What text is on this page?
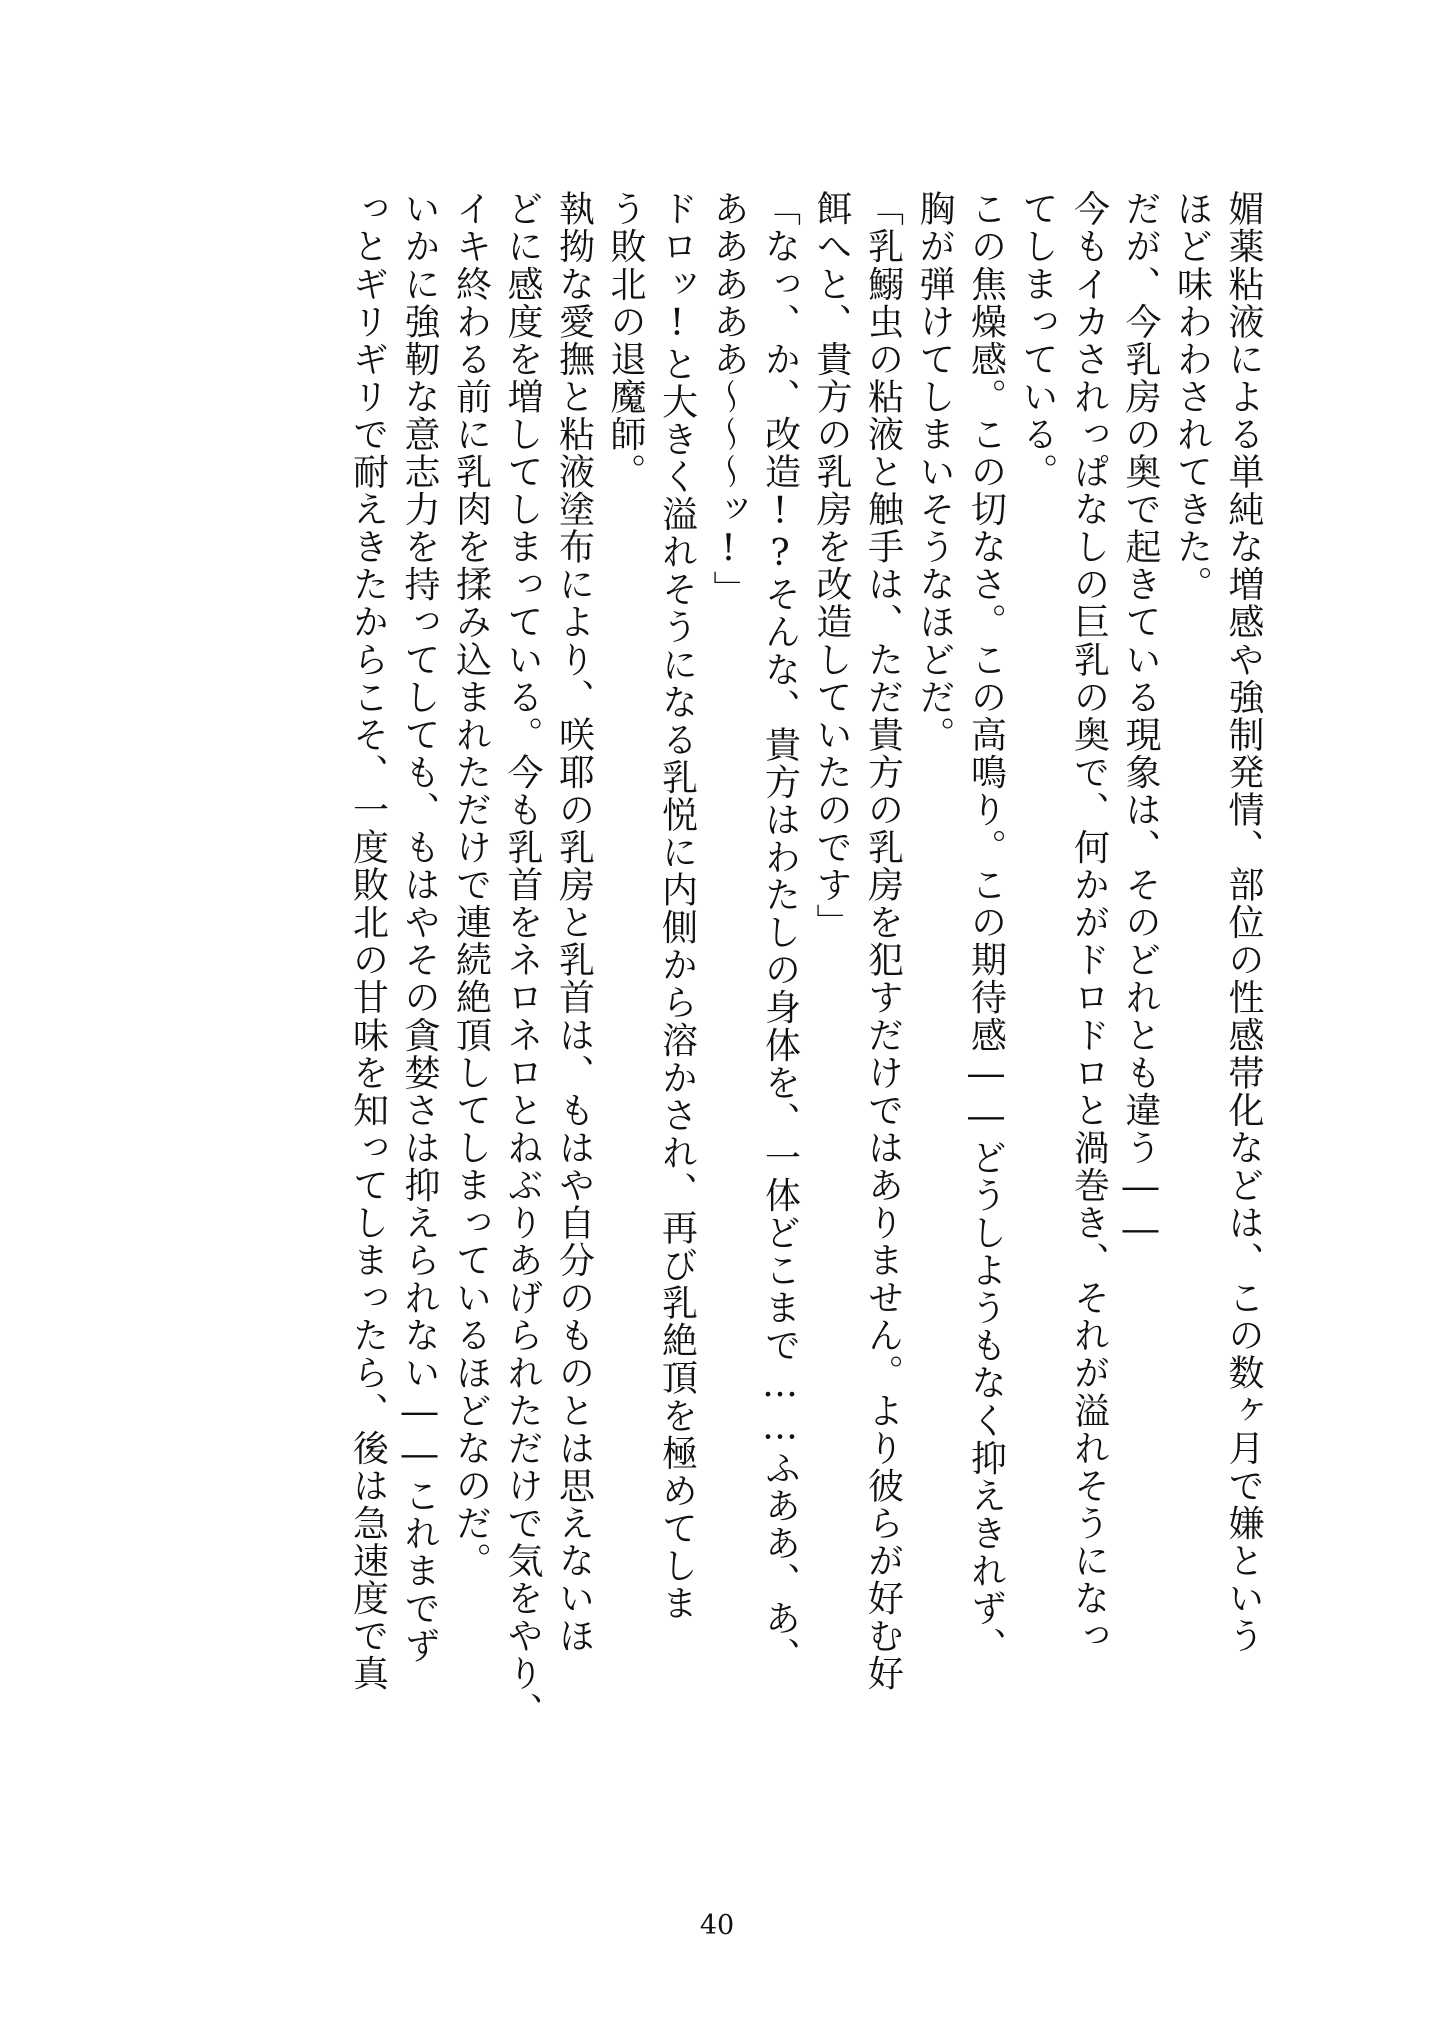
媚薬粘液による単純な増感や強制発情、部位の性感帯化などは、この数ヶ月で嫌という
ほど味わわされてきた。
だが、今乳房の奥で起きている現象は、そのどれとも違う――
今もイカされっぱなしの巨乳の奥で、何かがドロドロと渦巻き、それが溢れそうになっ
てしまっている。
この焦燥感。この切なさ。この高鳴り。この期待感――どうしようもなく抑えきれず、
胸が弾けてしまいそうなほどだ。
「乳鰯虫の粘液と触手は、ただ貴方の乳房を犯すだけではありません。より彼らが好む好
餌へと、貴方の乳房を改造していたのです」
「なっ、か、改造!?そんな、貴方はわたしの身体を、一体どこまで……ふああ、あ、
あああああ〜〜〜ッ!」
ドロッ!と大きく溢れそうになる乳悦に内側から溶かされ、再び乳絶頂を極めてしま
う敗北の退魔師。
執拗な愛撫と粘液塗布により、咲耶の乳房と乳首は、もはや自分のものとは思えないほ
どに感度を増してしまっている。今も乳首をネロネロとねぶりあげられただけで気をやり、
イキ終わる前に乳肉を揉み込まれただけで連続絶頂してしまっているほどなのだ。
いかに強靭な意志力を持ってしても、もはやその貪婪さは抑えられない――これまでず
っとギリギリで耐えきたからこそ、一度敗北の甘味を知ってしまったら、後は急速度で真
40
